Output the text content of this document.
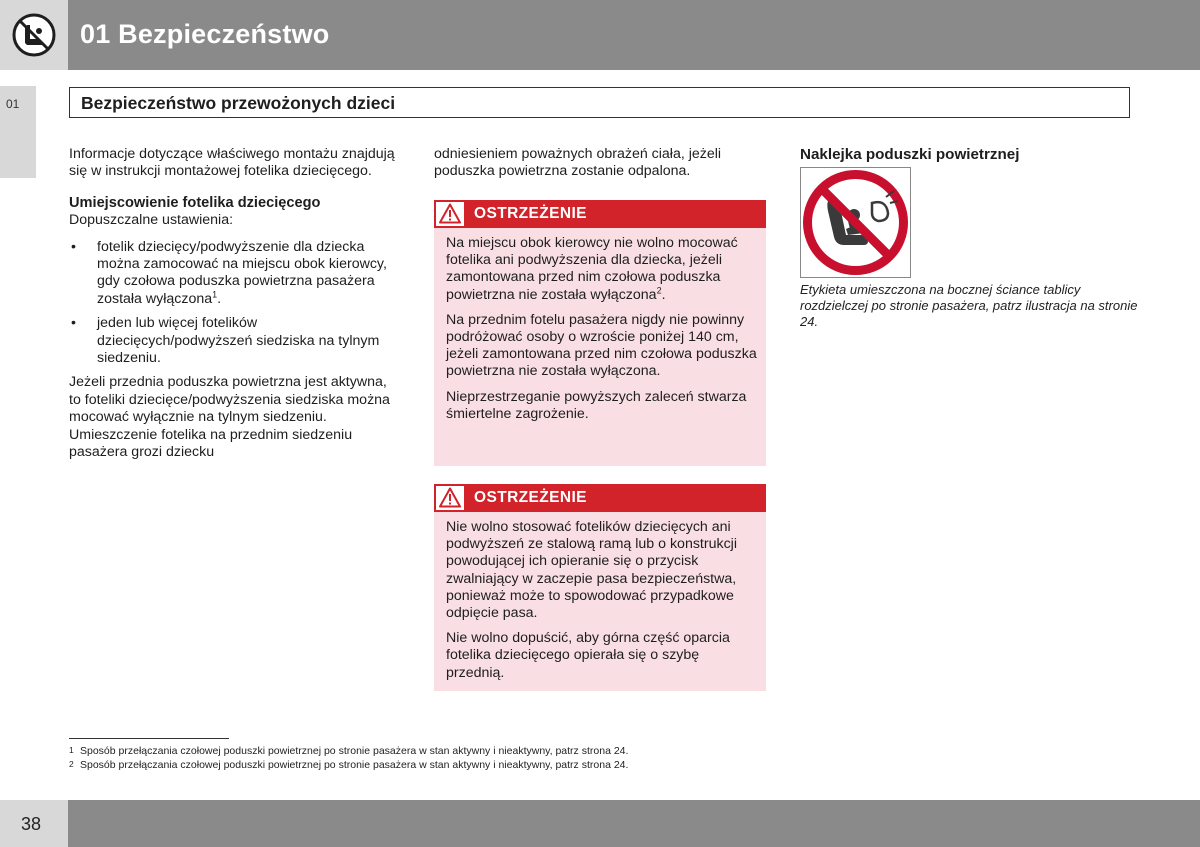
01 Bezpieczeństwo
01	Bezpieczeństwo przewożonych dzieci

Informacje dotyczące właściwego montażu znajdują się w instrukcji montażowej fotelika dziecięcego.

Umiejscowienie fotelika dziecięcego
Dopuszczalne ustawienia:
• fotelik dziecięcy/podwyższenie dla dziecka można zamocować na miejscu obok kierowcy, gdy czołowa poduszka powietrzna pasażera została wyłączona$^1$.
• jeden lub więcej fotelików dziecięcych/podwyższeń siedziska na tylnym siedzeniu.

Jeżeli przednia poduszka powietrzna jest aktywna, to foteliki dziecięce/podwyższenia siedziska można mocować wyłącznie na tylnym siedzeniu. Umieszczenie fotelika na przednim siedzeniu pasażera grozi dziecku

odniesieniem poważnych obrażeń ciała, jeżeli poduszka powietrzna zostanie odpalona.

OSTRZEŻENIE

Na miejscu obok kierowcy nie wolno mocować fotelika ani podwyższenia dla dziecka, jeżeli zamontowana przed nim czołowa poduszka powietrzna nie została wyłączona$^2$.

Na przednim fotelu pasażera nigdy nie powinny podróżować osoby o wzroście poniżej 140 cm, jeżeli zamontowana przed nim czołowa poduszka powietrzna nie została wyłączona.

Nieprzestrzeganie powyższych zaleceń stwarza śmiertelne zagrożenie.

OSTRZEŻENIE

Nie wolno stosować fotelików dziecięcych ani podwyższeń ze stalową ramą lub o konstrukcji powodującej ich opieranie się o przycisk zwalniający w zaczepie pasa bezpieczeństwa, ponieważ może to spowodować przypadkowe odpięcie pasa.

Nie wolno dopuścić, aby górna część oparcia fotelika dziecięcego opierała się o szybę przednią.

Naklejka poduszki powietrznej
Etykieta umieszczona na bocznej ściance tablicy rozdzielczej po stronie pasażera, patrz ilustracja na stronie 24.
1 Sposób przełączania czołowej poduszki powietrznej po stronie pasażera w stan aktywny i nieaktywny, patrz strona 24.
2 Sposób przełączania czołowej poduszki powietrznej po stronie pasażera w stan aktywny i nieaktywny, patrz strona 24.
38
